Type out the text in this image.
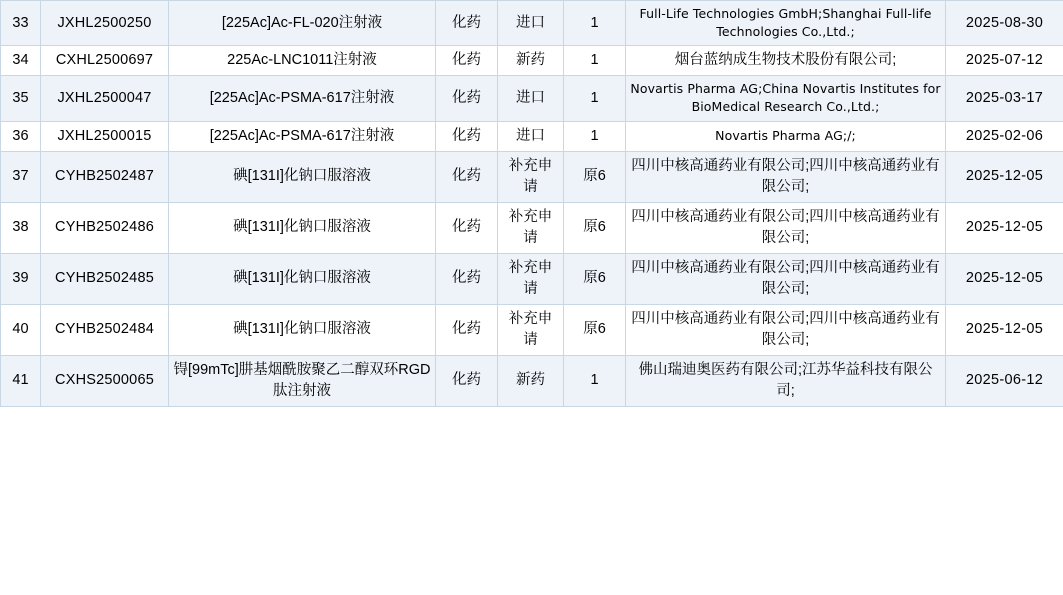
33	JXHL2500250	[225Ac]Ac-FL-020注射液	化药	进口	1	Full-Life Technologies GmbH;Shanghai Full-life Technologies Co.,Ltd.;	2025-08-30
34	CXHL2500697	225Ac-LNC1011注射液	化药	新药	1	烟台蓝纳成生物技术股份有限公司;	2025-07-12
35	JXHL2500047	[225Ac]Ac-PSMA-617注射液	化药	进口	1	Novartis Pharma AG;China Novartis Institutes for BioMedical Research Co.,Ltd.;	2025-03-17
36	JXHL2500015	[225Ac]Ac-PSMA-617注射液	化药	进口	1	Novartis Pharma AG;/;	2025-02-06
37	CYHB2502487	碘[131I]化钠口服溶液	化药	补充申请	原6	四川中核高通药业有限公司;四川中核高通药业有限公司;	2025-12-05
38	CYHB2502486	碘[131I]化钠口服溶液	化药	补充申请	原6	四川中核高通药业有限公司;四川中核高通药业有限公司;	2025-12-05
39	CYHB2502485	碘[131I]化钠口服溶液	化药	补充申请	原6	四川中核高通药业有限公司;四川中核高通药业有限公司;	2025-12-05
40	CYHB2502484	碘[131I]化钠口服溶液	化药	补充申请	原6	四川中核高通药业有限公司;四川中核高通药业有限公司;	2025-12-05
41	CXHS2500065	锝[99mTc]肼基烟酰胺聚乙二醇双环RGD肽注射液	化药	新药	1	佛山瑞迪奥医药有限公司;江苏华益科技有限公司;	2025-06-12
